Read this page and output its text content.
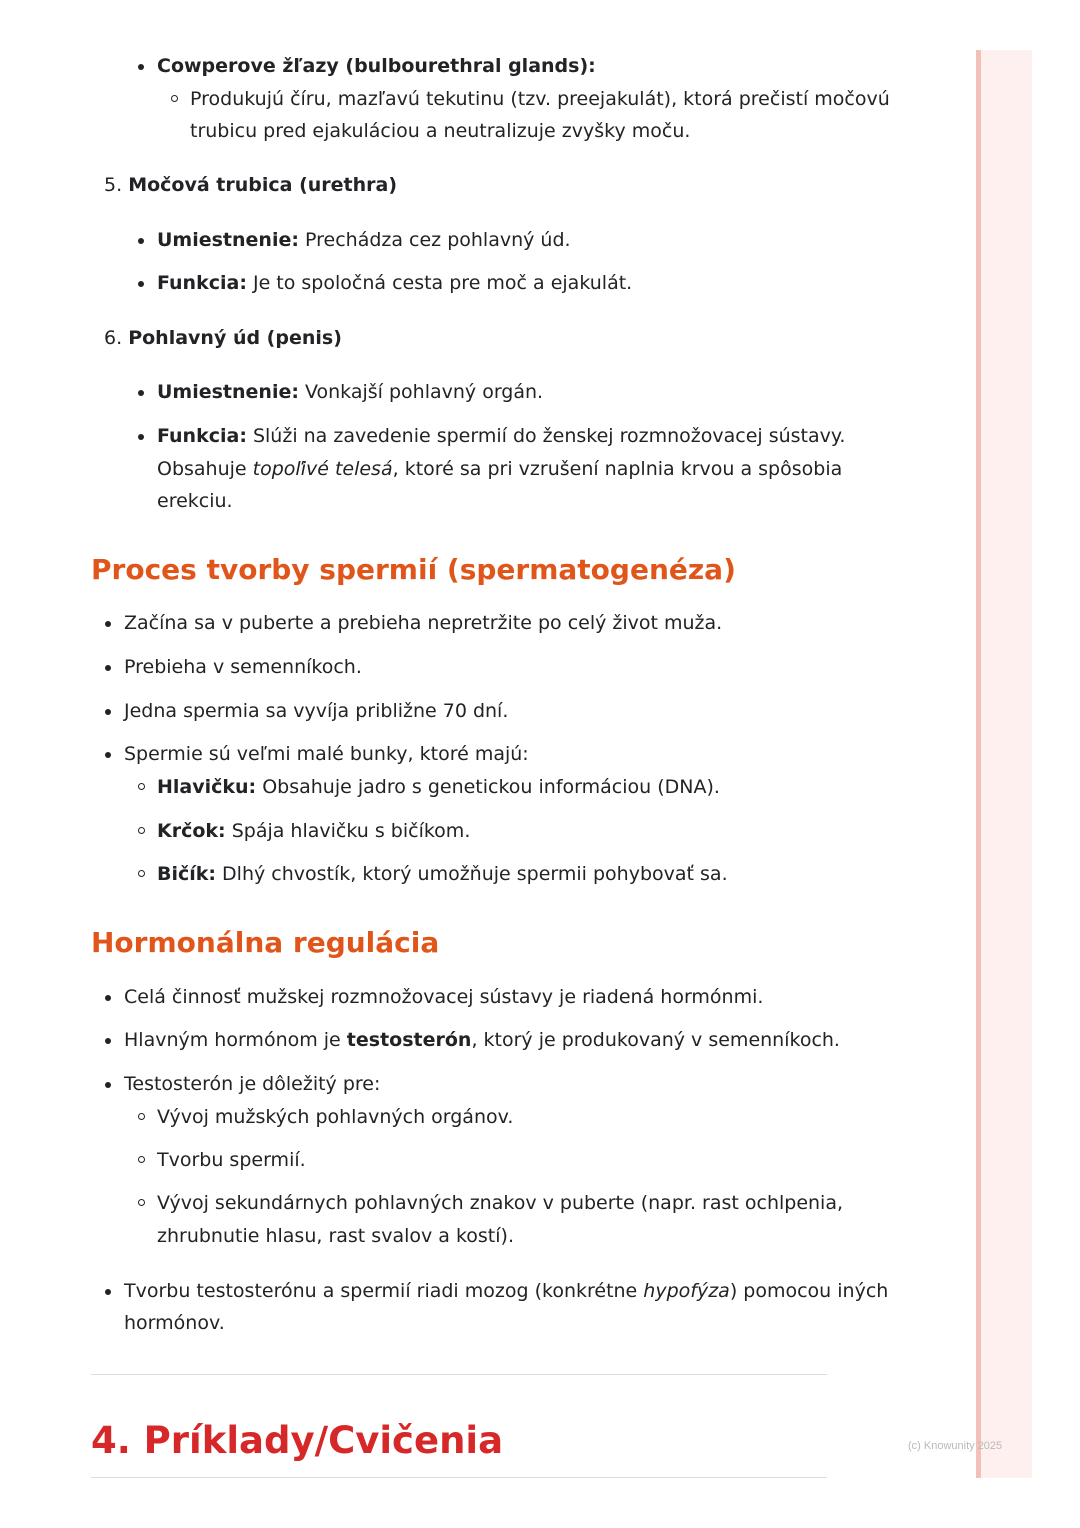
(c) Knowunity 2025
Cowperove žľazy (bulbourethral glands):
Produkujú číru, mazľavú tekutinu (tzv. preejakulát), ktorá prečistí močovú
trubicu pred ejakuláciou a neutralizuje zvyšky moču.
5. Močová trubica (urethra)
Umiestnenie: Prechádza cez pohlavný úd.
Funkcia: Je to spoločná cesta pre moč a ejakulát.
6. Pohlavný úd (penis)
Umiestnenie: Vonkajší pohlavný orgán.
Funkcia: Slúži na zavedenie spermií do ženskej rozmnožovacej sústavy.
Obsahuje topoľivé telesá, ktoré sa pri vzrušení naplnia krvou a spôsobia
erekciu.
Proces tvorby spermií (spermatogenéza)
Začína sa v puberte a prebieha nepretržite po celý život muža.
Prebieha v semenníkoch.
Jedna spermia sa vyvíja približne 70 dní.
Spermie sú veľmi malé bunky, ktoré majú:
Hlavičku: Obsahuje jadro s genetickou informáciou (DNA).
Krčok: Spája hlavičku s bičíkom.
Bičík: Dlhý chvostík, ktorý umožňuje spermii pohybovať sa.
Hormonálna regulácia
Celá činnosť mužskej rozmnožovacej sústavy je riadená hormónmi.
Hlavným hormónom je testosterón, ktorý je produkovaný v semenníkoch.
Testosterón je dôležitý pre:
Vývoj mužských pohlavných orgánov.
Tvorbu spermií.
Vývoj sekundárnych pohlavných znakov v puberte (napr. rast ochlpenia,
zhrubnutie hlasu, rast svalov a kostí).
Tvorbu testosterónu a spermií riadi mozog (konkrétne hypofýza) pomocou iných
hormónov.
4. Príklady/Cvičenia
